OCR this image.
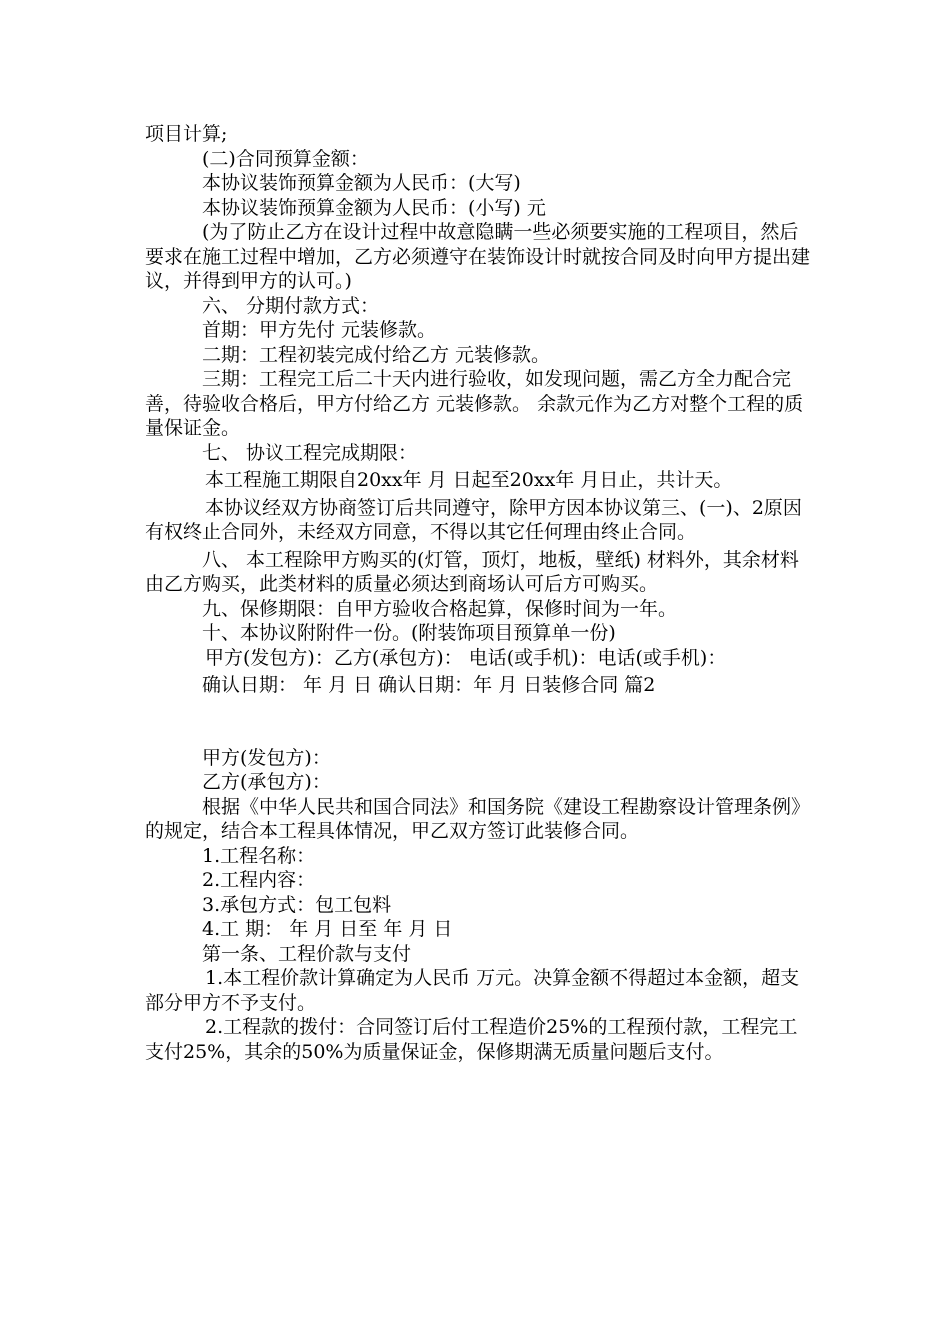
项目计算;

(二)合同预算金额：

本协议装饰预算金额为人民币：(大写)

本协议装饰预算金额为人民币：(小写) 元

(为了防止乙方在设计过程中故意隐瞒一些必须要实施的工程项目，然后要求在施工过程中增加，乙方必须遵守在装饰设计时就按合同及时向甲方提出建议，并得到甲方的认可。)

六、 分期付款方式：

首期：甲方先付 元装修款。

二期：工程初装完成付给乙方 元装修款。

三期：工程完工后二十天内进行验收，如发现问题，需乙方全力配合完善，待验收合格后，甲方付给乙方 元装修款。 余款元作为乙方对整个工程的质量保证金。

七、 协议工程完成期限：

本工程施工期限自20xx年 月 日起至20xx年 月日止，共计天。

本协议经双方协商签订后共同遵守，除甲方因本协议第三、(一)、2原因有权终止合同外，未经双方同意，不得以其它任何理由终止合同。

八、 本工程除甲方购买的(灯管，顶灯，地板，壁纸) 材料外，其余材料由乙方购买，此类材料的质量必须达到商场认可后方可购买。

九、保修期限：自甲方验收合格起算，保修时间为一年。

十、本协议附附件一份。(附装饰项目预算单一份)

甲方(发包方)：乙方(承包方)： 电话(或手机)：电话(或手机)：

确认日期： 年 月 日 确认日期：年 月 日装修合同 篇2

甲方(发包方)：

乙方(承包方)：

根据《中华人民共和国合同法》和国务院《建设工程勘察设计管理条例》的规定，结合本工程具体情况，甲乙双方签订此装修合同。

1.工程名称：

2.工程内容：

3.承包方式：包工包料

4.工 期： 年 月 日至 年 月 日

第一条、工程价款与支付

1.本工程价款计算确定为人民币 万元。决算金额不得超过本金额，超支部分甲方不予支付。

2.工程款的拨付：合同签订后付工程造价25%的工程预付款，工程完工支付25%，其余的50%为质量保证金，保修期满无质量问题后支付。
